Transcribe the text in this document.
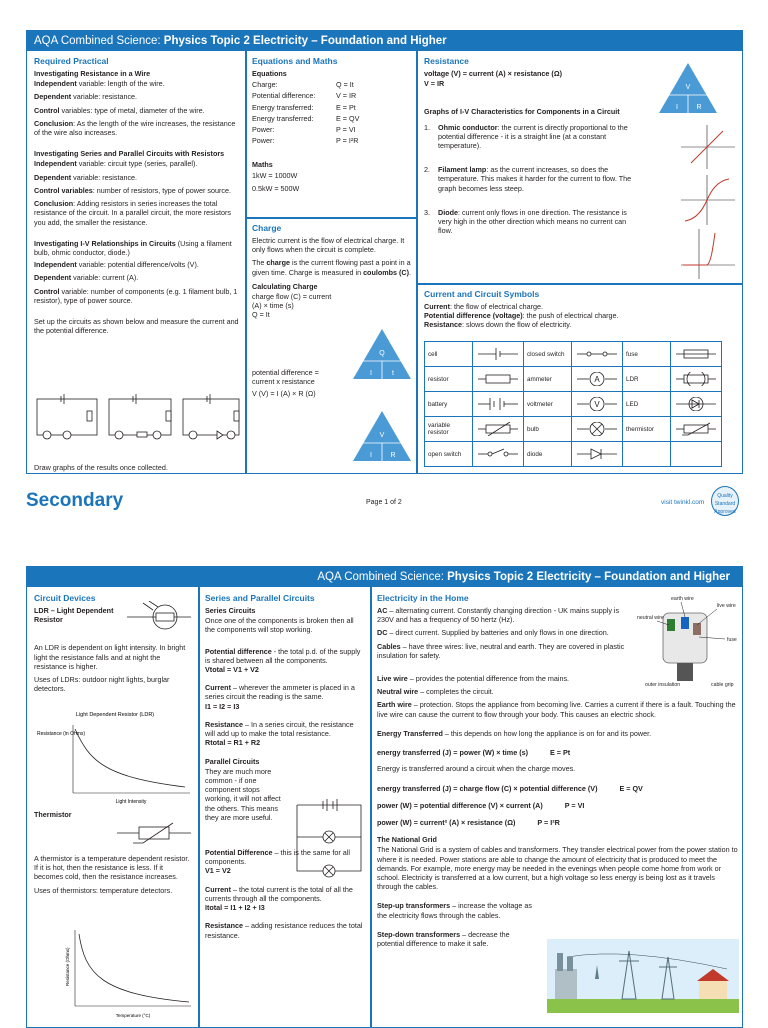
AQA Combined Science: Physics Topic 2 Electricity – Foundation and Higher
Required Practical
Investigating Resistance in a Wire
Independent variable: length of the wire.
Dependent variable: resistance.
Control variables: type of metal, diameter of the wire.
Conclusion: As the length of the wire increases, the resistance of the wire also increases.
Investigating Series and Parallel Circuits with Resistors
Independent variable: circuit type (series, parallel).
Dependent variable: resistance.
Control variables: number of resistors, type of power source.
Conclusion: Adding resistors in series increases the total resistance of the circuit. In a parallel circuit, the more resistors you add, the smaller the resistance.
Investigating I-V Relationships in Circuits (Using a filament bulb, ohmic conductor, diode.)
Independent variable: potential difference/volts (V).
Dependent variable: current (A).
Control variable: number of components (e.g. 1 filament bulb, 1 resistor), type of power source.
Set up the circuits as shown below and measure the current and the potential difference.
Draw graphs of the results once collected.
Equations and Maths
Equations
Charge:	Q = It
Potential difference:	V = IR
Energy transferred:	E = Pt
Energy transferred:	E = QV
Power:	P = VI
Power:	P = I²R
Maths
1kW = 1000W
0.5kW = 500W
Charge
Electric current is the flow of electrical charge. It only flows when the circuit is complete.
The charge is the current flowing past a point in a given time. Charge is measured in coulombs (C).
Calculating Charge
charge flow (C) = current (A) × time (s)
Q = It
potential difference = current x resistance
V (V) = I (A) × R (Ω)
Q
I	t
V
I	R
Resistance
voltage (V) = current (A) × resistance (Ω)
V = IR
Graphs of I-V Characteristics for Components in a Circuit
1.	Ohmic conductor: the current is directly proportional to the potential difference - it is a straight line (at a constant temperature).
2.	Filament lamp: as the current increases, so does the temperature. This makes it harder for the current to flow. The graph becomes less steep.
3.	Diode: current only flows in one direction. The resistance is very high in the other direction which means no current can flow.
V
I	R
Current and Circuit Symbols
Current: the flow of electrical charge.
Potential difference (voltage): the push of electrical charge.
Resistance: slows down the flow of electricity.
cell		closed switch		fuse	

resistor		ammeter	A	LDR	

battery		voltmeter	V	LED	

variable resistor		bulb		thermistor	

open switch		diode	

Secondary	Page 1 of 2	visit twinkl.com
Quality Standard Approved
AQA Combined Science: Physics Topic 2 Electricity – Foundation and Higher
Circuit Devices
LDR – Light Dependent Resistor
An LDR is dependent on light intensity. In bright light the resistance falls and at night the resistance is higher.
Uses of LDRs: outdoor night lights, burglar detectors.
Light Dependent Resistor (LDR)
Resistance (in Ohms)
Light Intensity
Thermistor
A thermistor is a temperature dependent resistor. If it is hot, then the resistance is less. If it becomes cold, then the resistance increases.
Uses of thermistors: temperature detectors.
Resistance (Ohms)
Temperature (°C)
Series and Parallel Circuits
Series Circuits
Once one of the components is broken then all the components will stop working.
Potential difference - the total p.d. of the supply is shared between all the components.
Vtotal = V1 + V2
Current – wherever the ammeter is placed in a series circuit the reading is the same.
I1 = I2 = I3
Resistance – In a series circuit, the resistance will add up to make the total resistance.
Rtotal = R1 + R2
Parallel Circuits
They are much more common - if one component stops working, it will not affect the others. This means they are more useful.
Potential Difference – this is the same for all components.
V1 = V2
Current – the total current is the total of all the currents through all the components.
Itotal = I1 + I2 + I3
Resistance – adding resistance reduces the total resistance.
Electricity in the Home
AC – alternating current. Constantly changing direction - UK mains supply is 230V and has a frequency of 50 hertz (Hz).
DC – direct current. Supplied by batteries and only flows in one direction.
Cables – have three wires: live, neutral and earth. They are covered in plastic insulation for safety.
Live wire – provides the potential difference from the mains.
Neutral wire – completes the circuit.
Earth wire – protection. Stops the appliance from becoming live. Carries a current if there is a fault. Touching the live wire can cause the current to flow through your body. This causes an electric shock.
Energy Transferred – this depends on how long the appliance is on for and its power.
energy transferred (J) = power (W) × time (s)	E = Pt
Energy is transferred around a circuit when the charge moves.
energy transferred (J) = charge flow (C) × potential difference (V)	E = QV
power (W) = potential difference (V) × current (A)	P = VI
power (W) = current² (A) × resistance (Ω)	P = I²R
The National Grid
The National Grid is a system of cables and transformers. They transfer electrical power from the power station to where it is needed. Power stations are able to change the amount of electricity that is produced to meet the demands. For example, more energy may be needed in the evenings when people come home from work or school. Electricity is transferred at a low current, but a high voltage so less energy is being lost as it travels through the cables.
Step-up transformers – increase the voltage as the electricity flows through the cables.
Step-down transformers – decrease the potential difference to make it safe.
earth wire
neutral wire
live wire
fuse
outer insulation	cable grip
